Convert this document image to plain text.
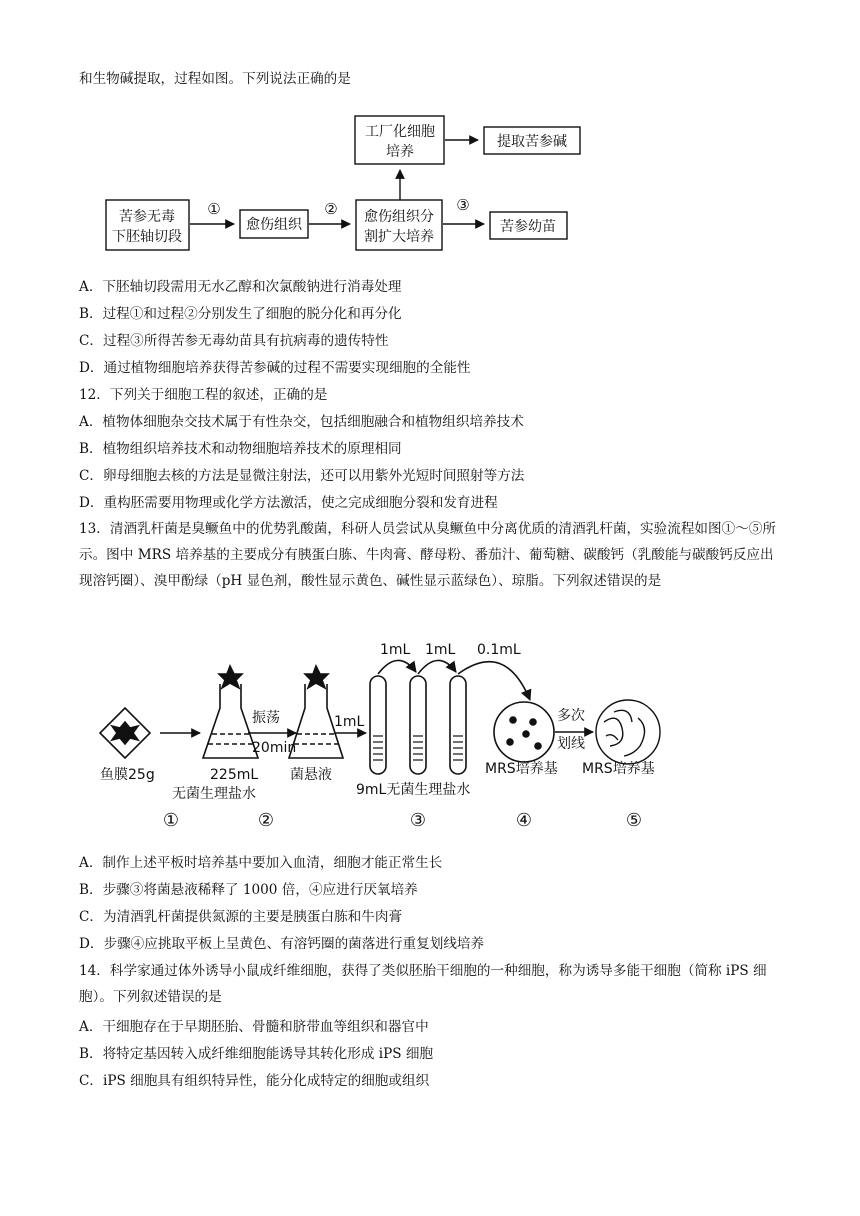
和生物碱提取，过程如图。下列说法正确的是
工厂化细胞
培养
提取苦参碱
苦参无毒
下胚轴切段
愈伤组织	愈伤组织分
割扩大培养
苦参幼苗
①	②	③
A．下胚轴切段需用无水乙醇和次氯酸钠进行消毒处理
B．过程①和过程②分别发生了细胞的脱分化和再分化
C．过程③所得苦参无毒幼苗具有抗病毒的遗传特性
D．通过植物细胞培养获得苦参碱的过程不需要实现细胞的全能性
12．下列关于细胞工程的叙述，正确的是
A．植物体细胞杂交技术属于有性杂交，包括细胞融合和植物组织培养技术
B．植物组织培养技术和动物细胞培养技术的原理相同
C．卵母细胞去核的方法是显微注射法，还可以用紫外光短时间照射等方法
D．重构胚需要用物理或化学方法激活，使之完成细胞分裂和发育进程
13．清酒乳杆菌是臭鳜鱼中的优势乳酸菌，科研人员尝试从臭鳜鱼中分离优质的清酒乳杆菌，实验流程如图①～⑤所示。图中 MRS 培养基的主要成分有胰蛋白胨、牛肉膏、酵母粉、番茄汁、葡萄糖、碳酸钙（乳酸能与碳酸钙反应出现溶钙圈）、溴甲酚绿（pH 显色剂，酸性显示黄色、碱性显示蓝绿色）、琼脂。下列叙述错误的是
鱼膜25g	225mL
无菌生理盐水
振荡
20min
菌悬液
1mL
1mL 1mL 0.1mL
9mL无菌生理盐水
MRS培养基
多次
划线
MRS培养基
①	②	③	④	⑤
A．制作上述平板时培养基中要加入血清，细胞才能正常生长
B．步骤③将菌悬液稀释了 1000 倍，④应进行厌氧培养
C．为清酒乳杆菌提供氮源的主要是胰蛋白胨和牛肉膏
D．步骤④应挑取平板上呈黄色、有溶钙圈的菌落进行重复划线培养
14．科学家通过体外诱导小鼠成纤维细胞，获得了类似胚胎干细胞的一种细胞，称为诱导多能干细胞（简称 iPS 细胞）。下列叙述错误的是
A．干细胞存在于早期胚胎、骨髓和脐带血等组织和器官中
B．将特定基因转入成纤维细胞能诱导其转化形成 iPS 细胞
C．iPS 细胞具有组织特异性，能分化成特定的细胞或组织
